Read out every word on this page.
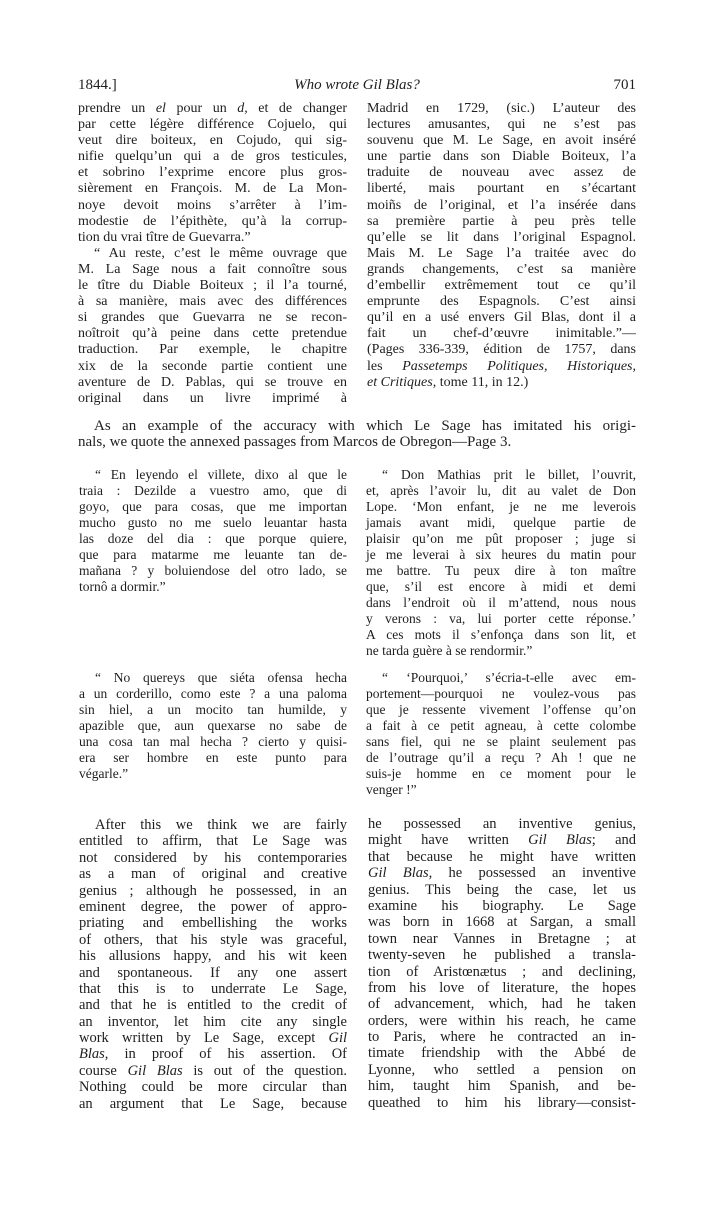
1844.]	Who wrote Gil Blas?	701
prendre un el pour un d, et de changer
par cette légère différence Cojuelo, qui
veut dire boiteux, en Cojudo, qui sig-
nifie quelqu’un qui a de gros testicules,
et sobrino l’exprime encore plus gros-
sièrement en François. M. de La Mon-
noye devoit moins s’arrêter à l’im-
modestie de l’épithète, qu’à la corrup-
tion du vrai tître de Guevarra.”
“ Au reste, c’est le même ouvrage que
M. La Sage nous a fait connoître sous
le tître du Diable Boiteux ; il l’a tourné,
à sa manière, mais avec des différences
si grandes que Guevarra ne se recon-
noîtroit qu’à peine dans cette pretendue
traduction. Par exemple, le chapitre
xix de la seconde partie contient une
aventure de D. Pablas, qui se trouve en
original dans un livre imprimé à
Madrid en 1729, (sic.) L’auteur des
lectures amusantes, qui ne s’est pas
souvenu que M. Le Sage, en avoit inséré
une partie dans son Diable Boiteux, l’a
traduite de nouveau avec assez de
liberté, mais pourtant en s’écartant
moiñs de l’original, et l’a insérée dans
sa première partie à peu près telle
qu’elle se lit dans l’original Espagnol.
Mais M. Le Sage l’a traitée avec do
grands changements, c’est sa manière
d’embellir extrêmement tout ce qu’il
emprunte des Espagnols. C’est ainsi
qu’il en a usé envers Gil Blas, dont il a
fait un chef-d’œuvre inimitable.”—
(Pages 336-339, édition de 1757, dans
les Passetemps Politiques, Historiques,
et Critiques, tome 11, in 12.)
As an example of the accuracy with which Le Sage has imitated his origi-
nals, we quote the annexed passages from Marcos de Obregon—Page 3.
“ En leyendo el villete, dixo al que le
traia : Dezilde a vuestro amo, que di
goyo, que para cosas, que me importan
mucho gusto no me suelo leuantar hasta
las doze del dia : que porque quiere,
que para matarme me leuante tan de-
mañana ? y boluiendose del otro lado, se
tornô a dormir.”
“ Don Mathias prit le billet, l’ouvrit,
et, après l’avoir lu, dit au valet de Don
Lope. ‘Mon enfant, je ne me leverois
jamais avant midi, quelque partie de
plaisir qu’on me pût proposer ; juge si
je me leverai à six heures du matin pour
me battre. Tu peux dire à ton maître
que, s’il est encore à midi et demi
dans l’endroit où il m’attend, nous nous
y verons : va, lui porter cette réponse.’
A ces mots il s’enfonça dans son lit, et
ne tarda guère à se rendormir.”
“ No quereys que siéta ofensa hecha
a un corderillo, como este ? a una paloma
sin hiel, a un mocito tan humilde, y
apazible que, aun quexarse no sabe de
una cosa tan mal hecha ? cierto y quisi-
era ser hombre en este punto para
végarle.”
“ ‘Pourquoi,’ s’écria-t-elle avec em-
portement—pourquoi ne voulez-vous pas
que je ressente vivement l’offense qu’on
a fait à ce petit agneau, à cette colombe
sans fiel, qui ne se plaint seulement pas
de l’outrage qu’il a reçu ? Ah ! que ne
suis-je homme en ce moment pour le
venger !”
After this we think we are fairly
entitled to affirm, that Le Sage was
not considered by his contemporaries
as a man of original and creative
genius ; although he possessed, in an
eminent degree, the power of appro-
priating and embellishing the works
of others, that his style was graceful,
his allusions happy, and his wit keen
and spontaneous. If any one assert
that this is to underrate Le Sage,
and that he is entitled to the credit of
an inventor, let him cite any single
work written by Le Sage, except Gil
Blas, in proof of his assertion. Of
course Gil Blas is out of the question.
Nothing could be more circular than
an argument that Le Sage, because
he possessed an inventive genius,
might have written Gil Blas; and
that because he might have written
Gil Blas, he possessed an inventive
genius. This being the case, let us
examine his biography. Le Sage
was born in 1668 at Sargan, a small
town near Vannes in Bretagne ; at
twenty-seven he published a transla-
tion of Aristœnætus ; and declining,
from his love of literature, the hopes
of advancement, which, had he taken
orders, were within his reach, he came
to Paris, where he contracted an in-
timate friendship with the Abbé de
Lyonne, who settled a pension on
him, taught him Spanish, and be-
queathed to him his library—consist-
